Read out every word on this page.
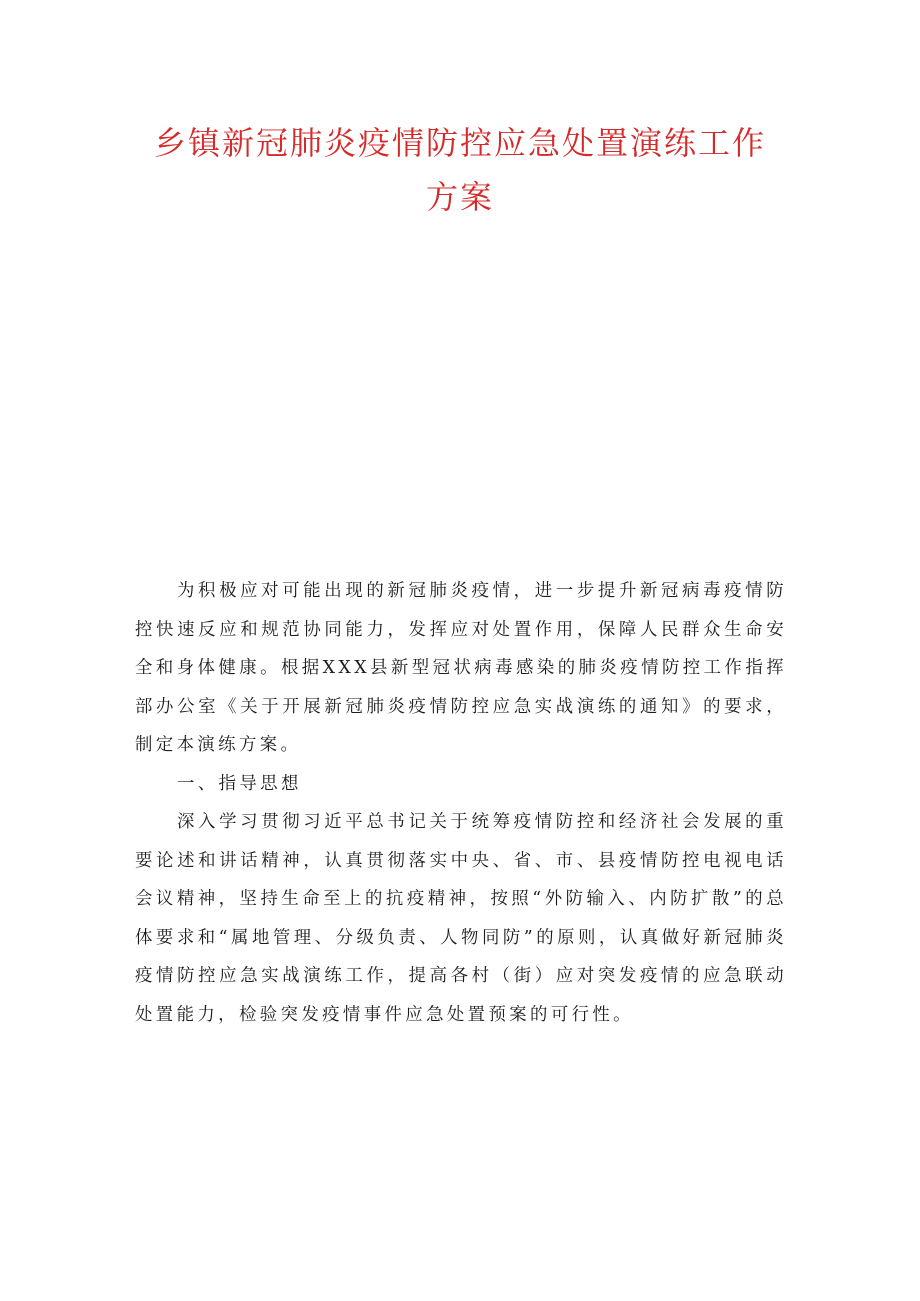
乡镇新冠肺炎疫情防控应急处置演练工作
方案

为积极应对可能出现的新冠肺炎疫情，进一步提升新冠病毒疫情防控快速反应和规范协同能力，发挥应对处置作用，保障人民群众生命安全和身体健康。根据XXX县新型冠状病毒感染的肺炎疫情防控工作指挥部办公室《关于开展新冠肺炎疫情防控应急实战演练的通知》的要求，制定本演练方案。

一、指导思想

深入学习贯彻习近平总书记关于统筹疫情防控和经济社会发展的重要论述和讲话精神，认真贯彻落实中央、省、市、县疫情防控电视电话会议精神，坚持生命至上的抗疫精神，按照“外防输入、内防扩散”的总体要求和“属地管理、分级负责、人物同防”的原则，认真做好新冠肺炎疫情防控应急实战演练工作，提高各村（街）应对突发疫情的应急联动处置能力，检验突发疫情事件应急处置预案的可行性。
